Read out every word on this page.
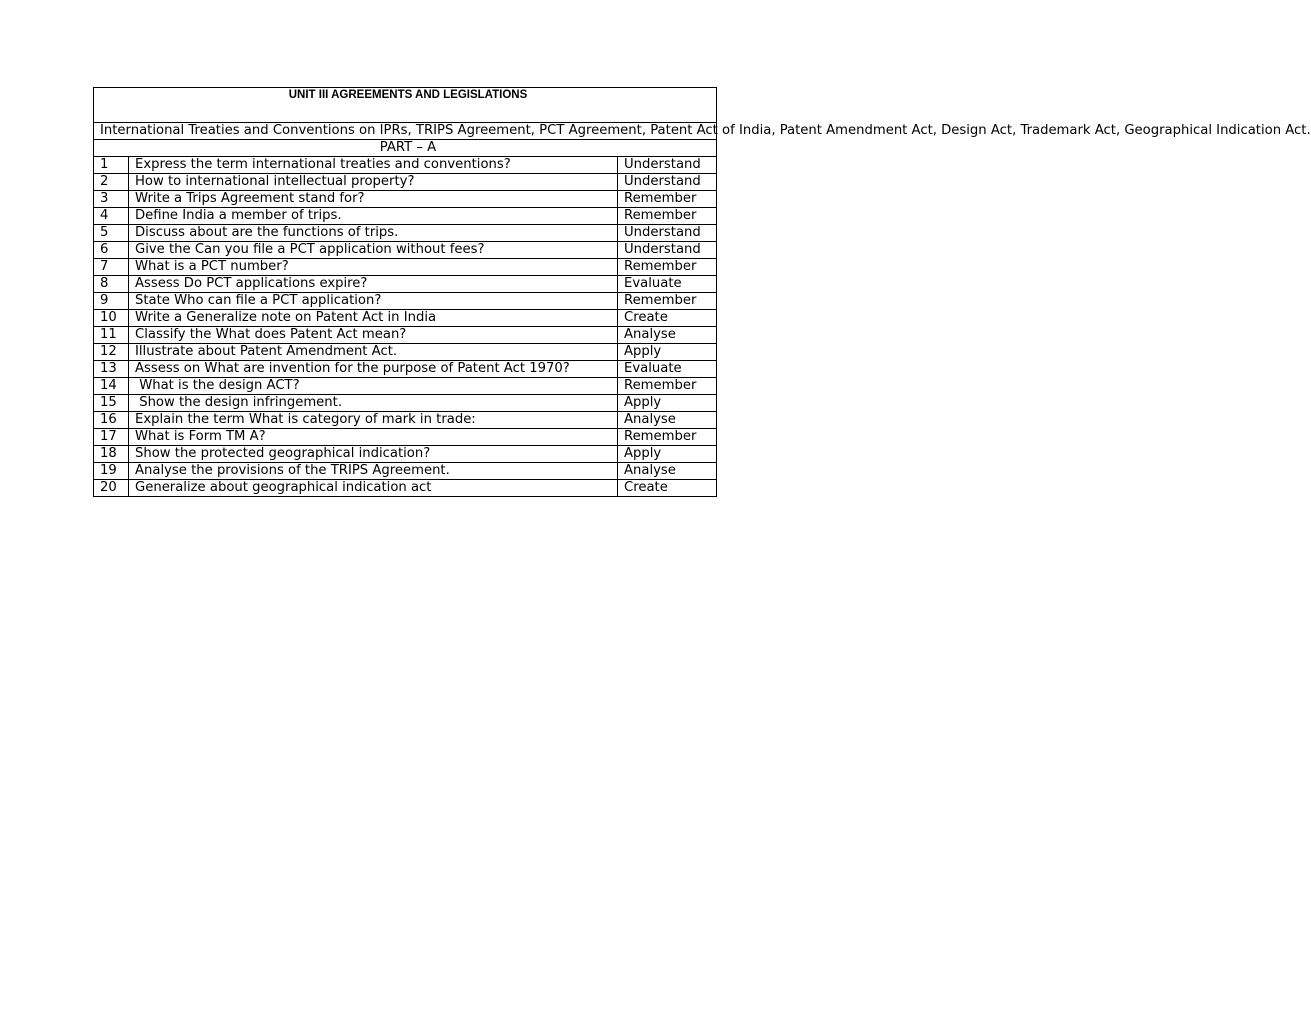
UNIT III AGREEMENTS AND LEGISLATIONS		
International Treaties and Conventions on IPRs, TRIPS Agreement, PCT Agreement, Patent Act of India, Patent Amendment Act, Design Act, Trademark Act, Geographical Indication Act.		
PART – A		
1	Express the term international treaties and conventions?	Understand
2	How to international intellectual property?	Understand
3	Write a Trips Agreement stand for?	Remember
4	Define India a member of trips.	Remember
5	Discuss about are the functions of trips.	Understand
6	Give the Can you file a PCT application without fees?	Understand
7	What is a PCT number?	Remember
8	Assess Do PCT applications expire?	Evaluate
9	State Who can file a PCT application?	Remember
10	Write a Generalize note on Patent Act in India	Create
11	Classify the What does Patent Act mean?	Analyse
12	Illustrate about Patent Amendment Act.	Apply
13	Assess on What are invention for the purpose of Patent Act 1970?	Evaluate
14	What is the design ACT?	Remember
15	Show the design infringement.	Apply
16	Explain the term What is category of mark in trade:	Analyse
17	What is Form TM A?	Remember
18	Show the protected geographical indication?	Apply
19	Analyse the provisions of the TRIPS Agreement.	Analyse
20	Generalize about geographical indication act	Create
